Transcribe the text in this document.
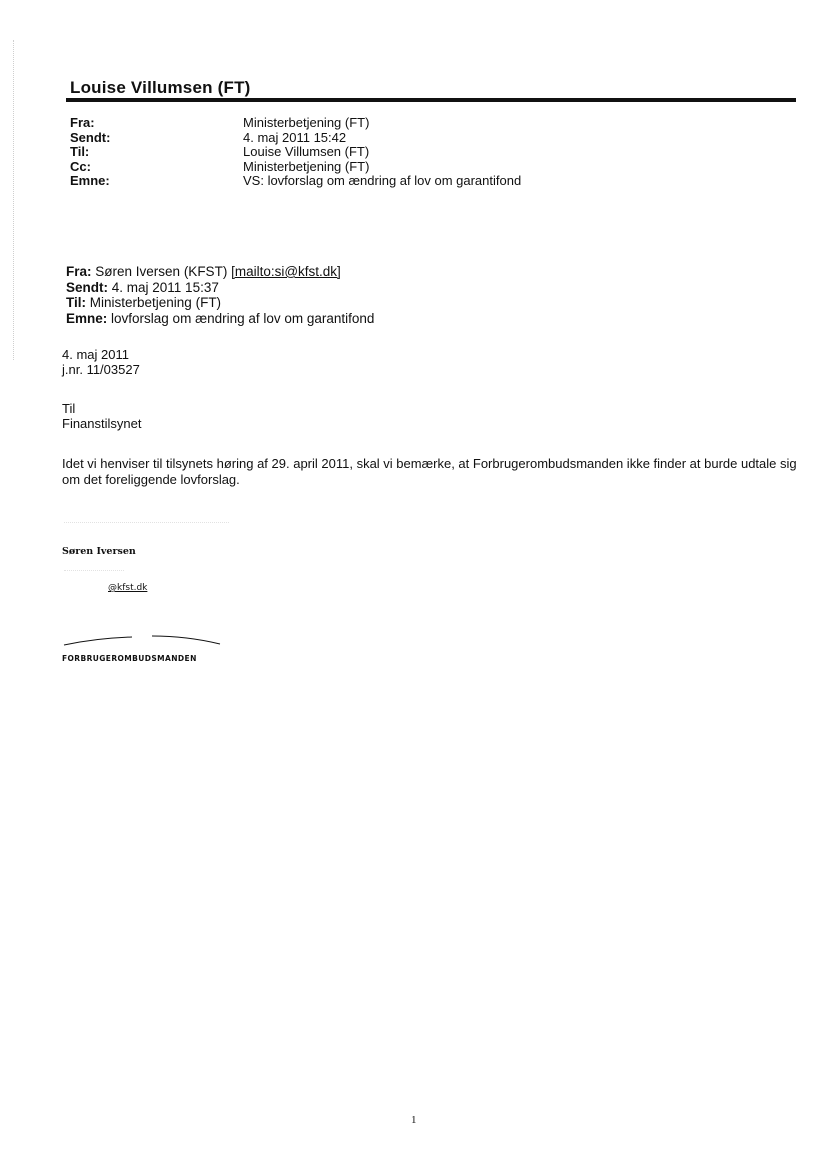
Louise Villumsen (FT)
Fra:	Ministerbetjening (FT)
Sendt:	4. maj 2011 15:42
Til:	Louise Villumsen (FT)
Cc:	Ministerbetjening (FT)
Emne:	VS: lovforslag om ændring af lov om garantifond
Fra: Søren Iversen (KFST) [mailto:si@kfst.dk]
Sendt: 4. maj 2011 15:37
Til: Ministerbetjening (FT)
Emne: lovforslag om ændring af lov om garantifond
4. maj 2011
j.nr. 11/03527
Til
Finanstilsynet
Idet vi henviser til tilsynets høring af 29. april 2011, skal vi bemærke, at Forbrugerombudsmanden ikke finder at burde udtale sig om det foreliggende lovforslag.
Søren Iversen
@kfst.dk
FORBRUGEROMBUDSMANDEN
1
